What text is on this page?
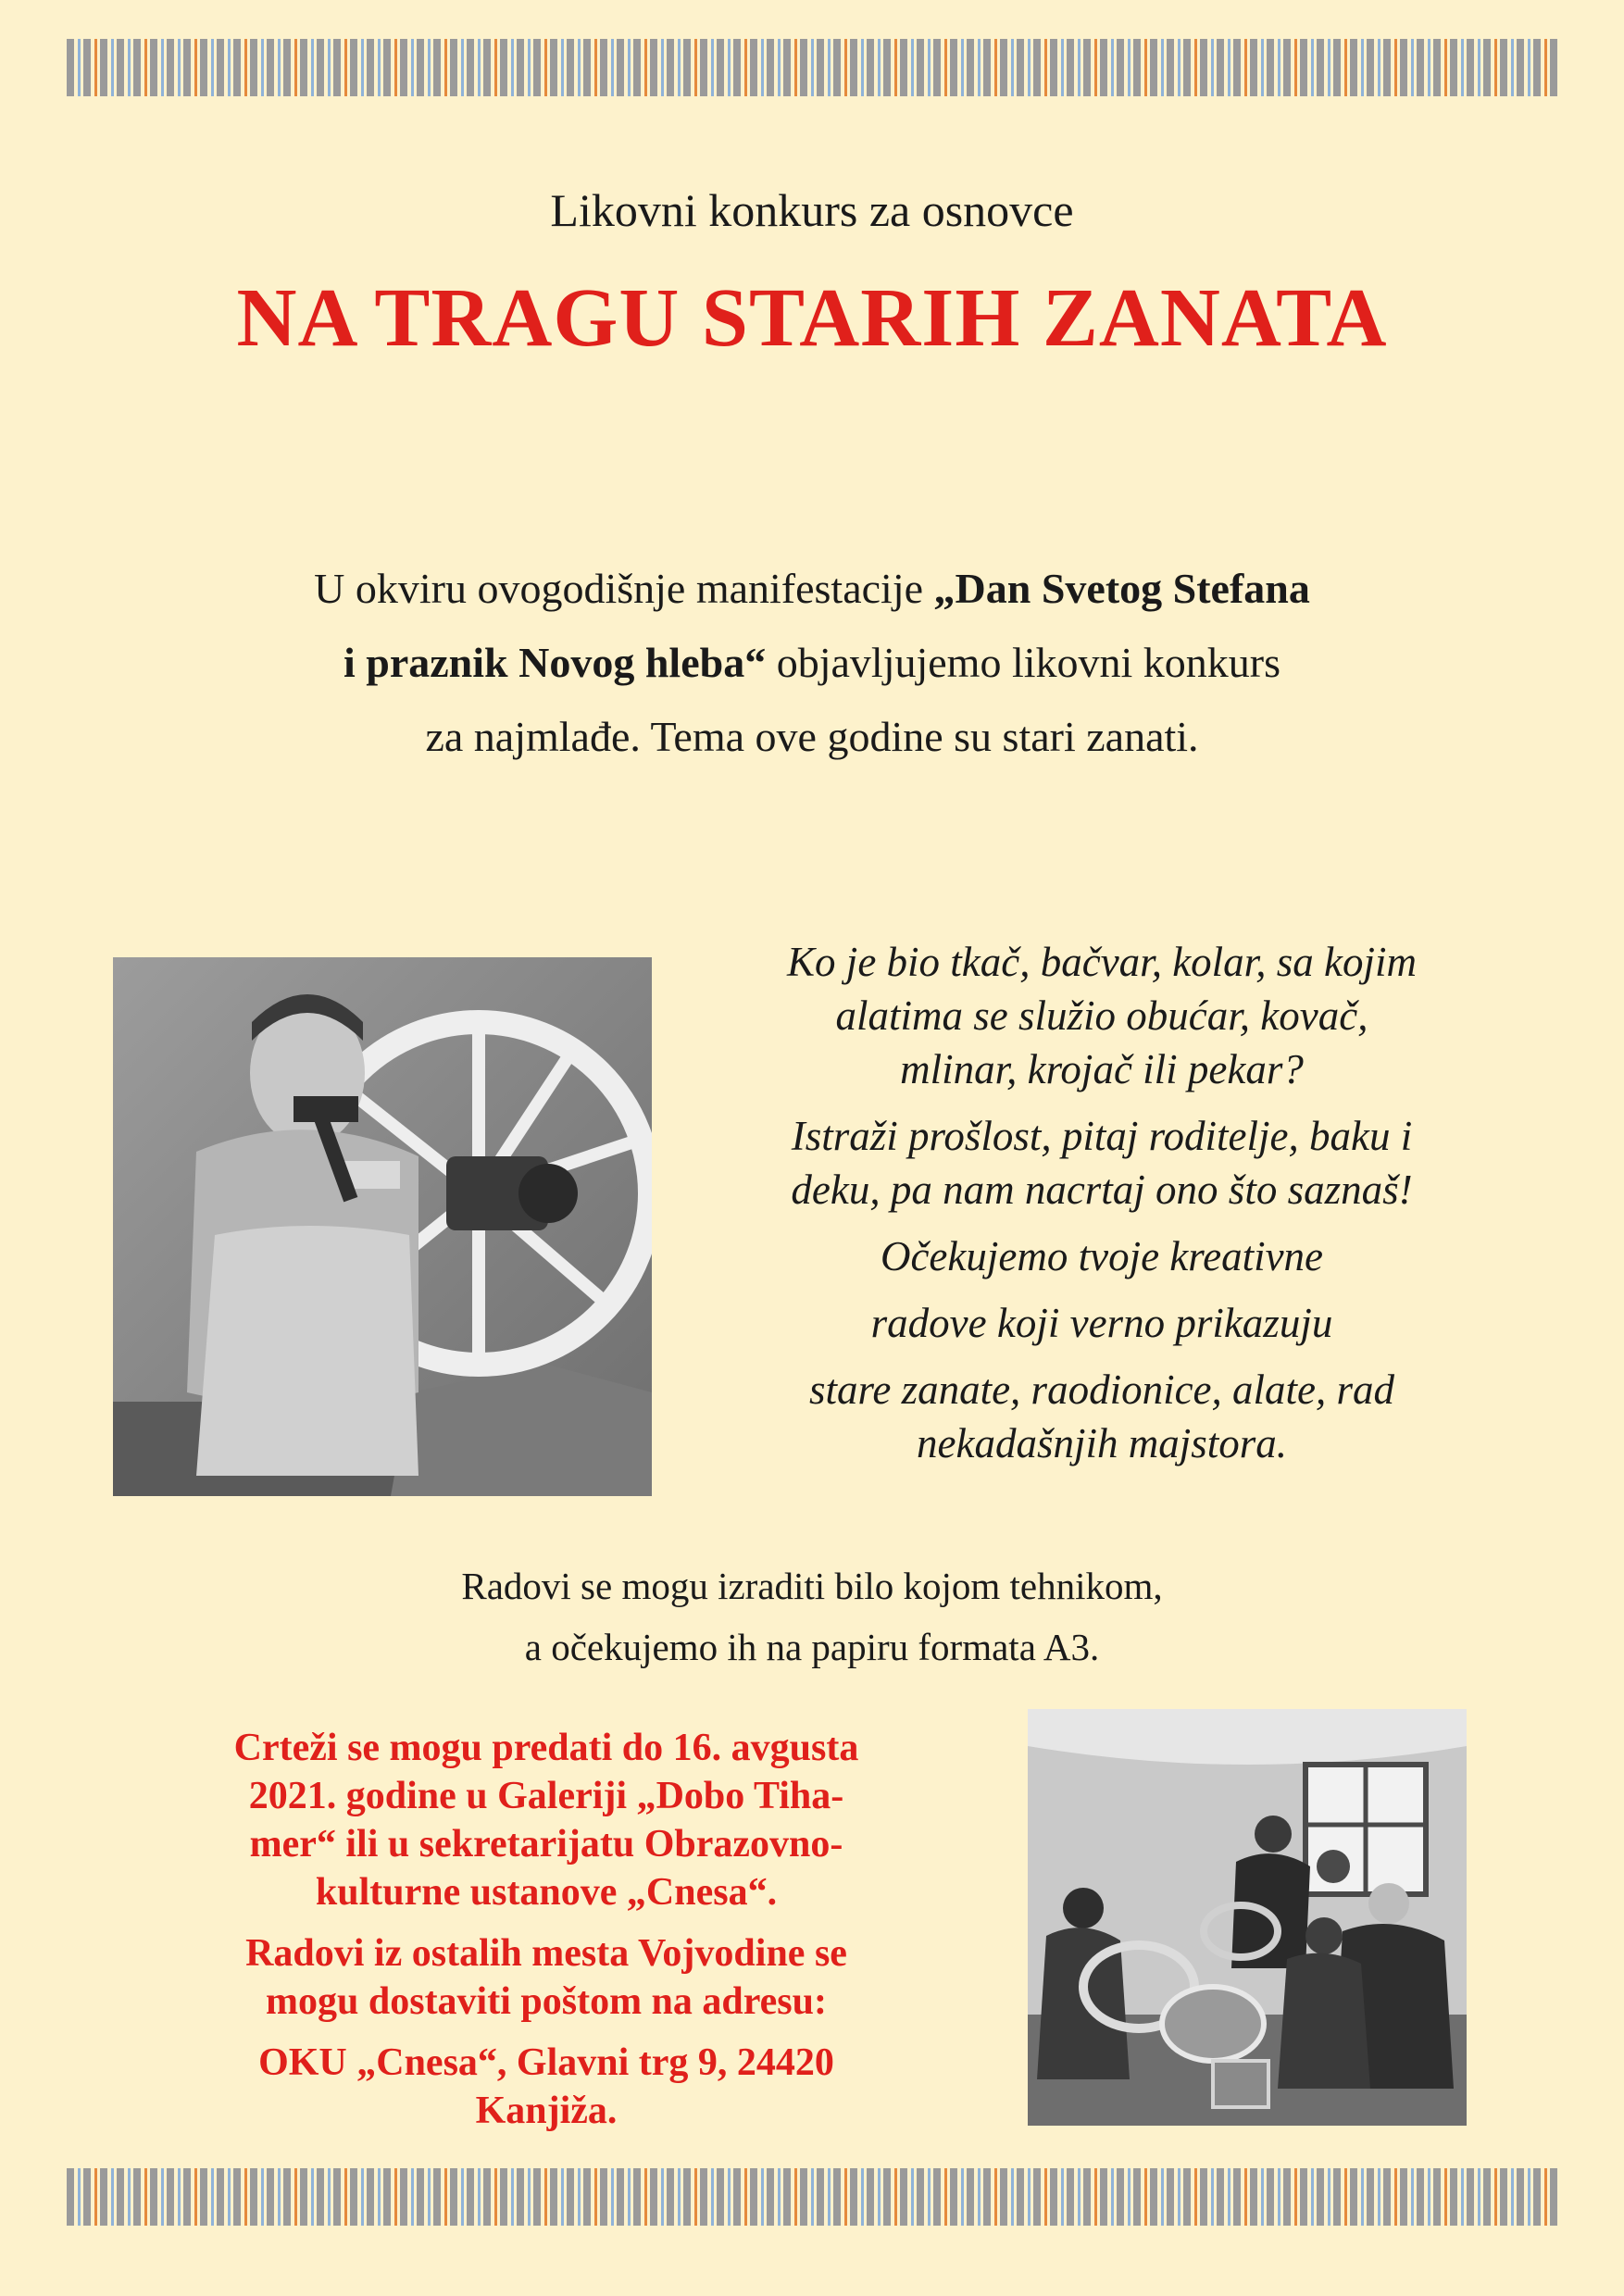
Likovni konkurs za osnovce
NA TRAGU STARIH ZANATA
U okviru ovogodišnje manifestacije „Dan Svetog Stefana
i praznik Novog hleba“ objavljujemo likovni konkurs
za najmlađe. Tema ove godine su stari zanati.

Ko je bio tkač, bačvar, kolar, sa kojim

alatima se služio obućar, kovač,

mlinar, krojač ili pekar?

Istraži prošlost, pitaj roditelje, baku i

deku, pa nam nacrtaj ono što saznaš!

Očekujemo tvoje kreativne

radove koji verno prikazuju

stare zanate, raodionice, alate, rad

nekadašnjih majstora.

Radovi se mogu izraditi bilo kojom tehnikom,
a očekujemo ih na papiru formata A3.

Crteži se mogu predati do 16. avgusta

2021. godine u Galeriji „Dobo Tiha-

mer“ ili u sekretarijatu Obrazovno-

kulturne ustanove „Cnesa“.

Radovi iz ostalih mesta Vojvodine se

mogu dostaviti poštom na adresu:

OKU „Cnesa“, Glavni trg 9, 24420

Kanjiža.
